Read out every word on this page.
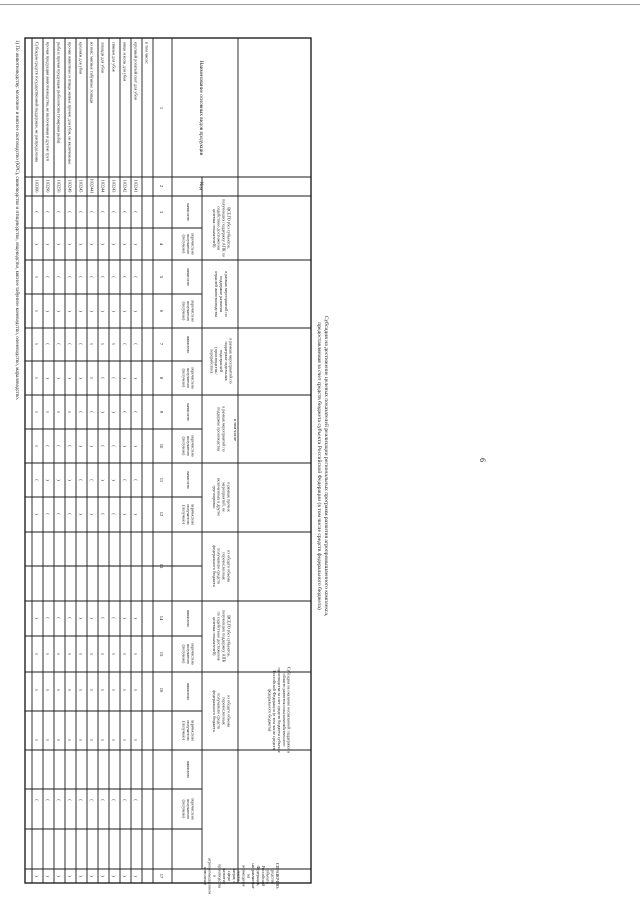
6
Субсидия на достижение целевых показателей реализации региональных программ развития агропромышленного комплекса,
предоставляемая за счет средств бюджета субъекта Российской Федерации (в том числе средств федерального бюджета)
Наименование основных видов продукции
Код
ВСЕГО (без субъектов,
получивших поддержку АПК по
содействию достижения
целевых показателей)
в рамках мероприятий по
поддержке развития
отраслей животноводства
в рамках мероприятий по
поддержке отдельных
подотраслей
(производства /
переработки)
в рамках мероприятий по
поддержке производства
в рамках прочих
мероприятий, не
включенных в другие
группировки
из общего объема
перечисленных
получателю средств
федерального бюджета
в том числе
Субсидия на оказание несвязанной поддержки в
области развития сельскохозяйственного
производства за счет средств бюджета субъекта
Российской Федерации (в том числе средств
федерального бюджета)
ВСЕГО (без субъектов,
получивших поддержку АПК
по содействию достижения
целевых показателей)
из общего объема
перечисленных
получателю средств
федерального бюджета
СПРАВОЧНО:
средства
субъекта
Российской
Федерации,
направляемые
на
возмещение
части
затрат, в
сфере
развития
производства
в
агропромышленном
комплексе
начислено
перечислено
получателю
(получено)
начислено
перечислено
получателю
(получено)
начислено
перечислено
получателю
(получено)
начислено
перечислено
получателю
(получено)
начислено
перечислено
получателю
(получено)
начислено
перечислено
получателю
(получено)
начислено
перечислено
получателю
(получено)
начислено
перечислено
получателю
(получено)
1
2
3
4
5
6
7
8
9
10
11
12
13
14
15
16
17
в том числе:
крупный рогатый скот для убоя
103241
(
)
(
)
(
)
(
)
(
)
(
)
x
x
x
(
)
овцы и козы для убоя
103242
(
)
(
)
(
)
(
)
(
)
(
)
x
x
x
(
)
свиньи для убоя
103243
(
)
(
)
x
(
)
(
)
(
)
(
x
x
x
(
)
лошади для убоя
103244
(
)
(
)
x
(
)
(
)
(
)
(
x
x
x
(
)
из них: мясные табунные лошади
1032441
(
)
(
)
x
x
(
)
(
)
(
)
x
x
x
(
)
кролики для убоя
103245
(
)
(
)
(
)
(
)
(
)
(
)
x
x
x
(
)
прочие животные и птицы живые прочие для убоя, не включенные
103249
(
)
(
)
(
)
x
(
)
(
)
(
x
x
x
(
)
рыба и прочая продукция рыболовства (товарная рыба)
103250
(
)
(
)
(
)
x
(
)
(
)
(
x
x
x
(
)
прочая продукция животноводства, не включенная в другие груп
103290
(
)
(
)
(
)
x
(
)
(
)
(
x
x
x
(
)
Субсидия средств государственной поддержки, не распределенна
103300
(
)
x
x
x
x
x
x
(
)
(
)
x
x
x
(
)
1) По животноводству: молочное и мясное скотоводство (КРС), свиноводство и птицеводство, овцеводство, мясное табунное коневодство, оленеводство, мараловодство.
